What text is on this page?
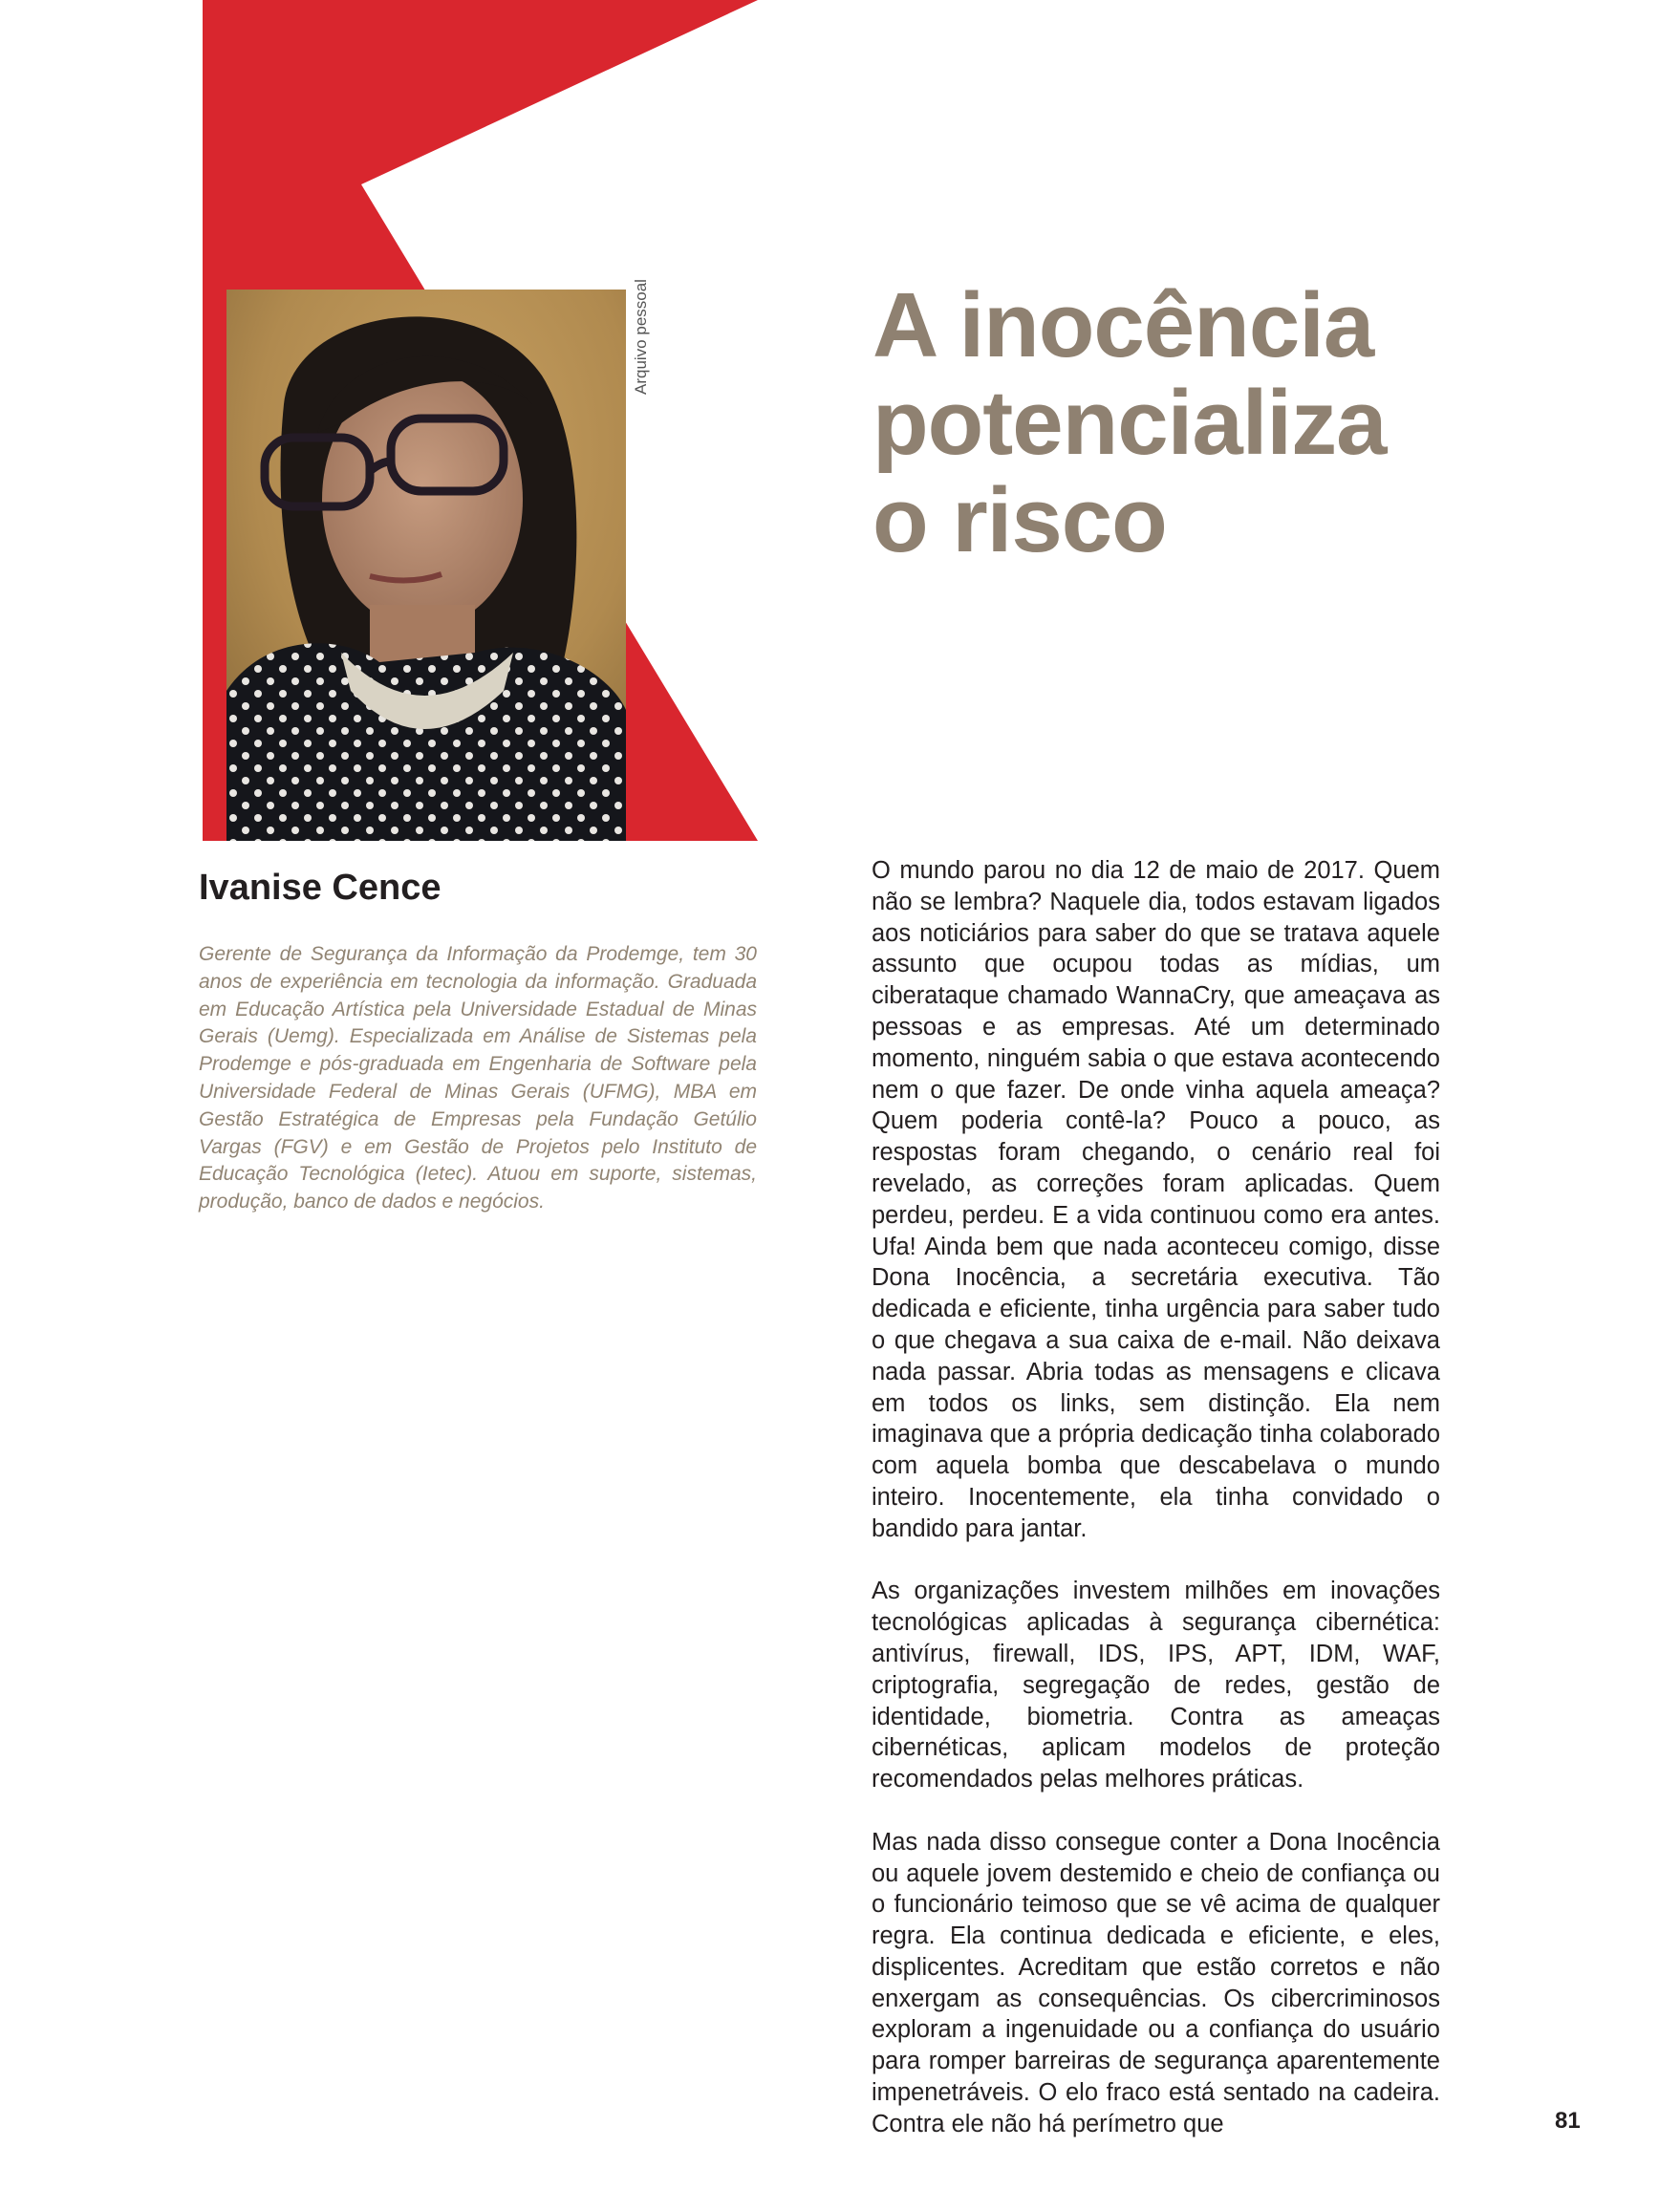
Arquivo pessoal A inocência
potencializa
o risco
Ivanise Cence

Gerente de Segurança da Informação da Prodemge, tem 30 anos de experiência em tecnologia da informação. Graduada em Educação Artística pela Universidade Estadual de Minas Gerais (Uemg). Especializada em Análise de Sistemas pela Prodemge e pós-graduada em Engenharia de Software pela Universidade Federal de Minas Gerais (UFMG), MBA em Gestão Estratégica de Empresas pela Fundação Getúlio Vargas (FGV) e em Gestão de Projetos pelo Instituto de Educação Tecnológica (Ietec). Atuou em suporte, sistemas, produção, banco de dados e negócios.

O mundo parou no dia 12 de maio de 2017. Quem não se lembra? Naquele dia, todos estavam ligados aos noticiários para saber do que se tratava aquele assunto que ocupou todas as mídias, um ciberataque chamado WannaCry, que ameaçava as pessoas e as empresas. Até um determinado momento, ninguém sabia o que estava acontecendo nem o que fazer. De onde vinha aquela ameaça? Quem poderia contê-la? Pouco a pouco, as respostas foram chegando, o cenário real foi revelado, as correções foram aplicadas. Quem perdeu, perdeu. E a vida continuou como era antes. Ufa! Ainda bem que nada aconteceu comigo, disse Dona Inocência, a secretária executiva. Tão dedicada e eficiente, tinha urgência para saber tudo o que chegava a sua caixa de e-mail. Não deixava nada passar. Abria todas as mensagens e clicava em todos os links, sem distinção. Ela nem imaginava que a própria dedicação tinha colaborado com aquela bomba que descabelava o mundo inteiro. Inocentemente, ela tinha convidado o bandido para jantar.

As organizações investem milhões em inovações tecnológicas aplicadas à segurança cibernética: antivírus, firewall, IDS, IPS, APT, IDM, WAF, criptografia, segregação de redes, gestão de identidade, biometria. Contra as ameaças cibernéticas, aplicam modelos de proteção recomendados pelas melhores práticas.

Mas nada disso consegue conter a Dona Inocência ou aquele jovem destemido e cheio de confiança ou o funcionário teimoso que se vê acima de qualquer regra. Ela continua dedicada e eficiente, e eles, displicentes. Acreditam que estão corretos e não enxergam as consequências. Os cibercriminosos exploram a ingenuidade ou a confiança do usuário para romper barreiras de segurança aparentemente impenetráveis. O elo fraco está sentado na cadeira. Contra ele não há perímetro que	81
